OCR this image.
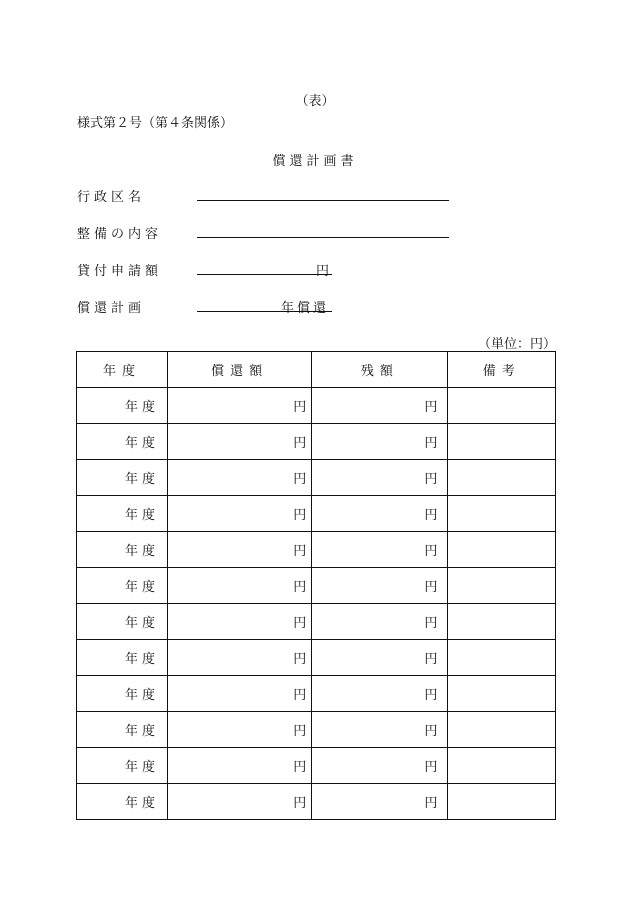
（表）
様式第２号（第４条関係）
償還計画書
行政区名
整備の内容
貸付申請額	円
償還計画	年償還
（単位：円）
年度	償還額	残額	備考
年度	円	円	
年度	円	円	
年度	円	円	
年度	円	円	
年度	円	円	
年度	円	円	
年度	円	円	
年度	円	円	
年度	円	円	
年度	円	円	
年度	円	円	
年度	円	円	
